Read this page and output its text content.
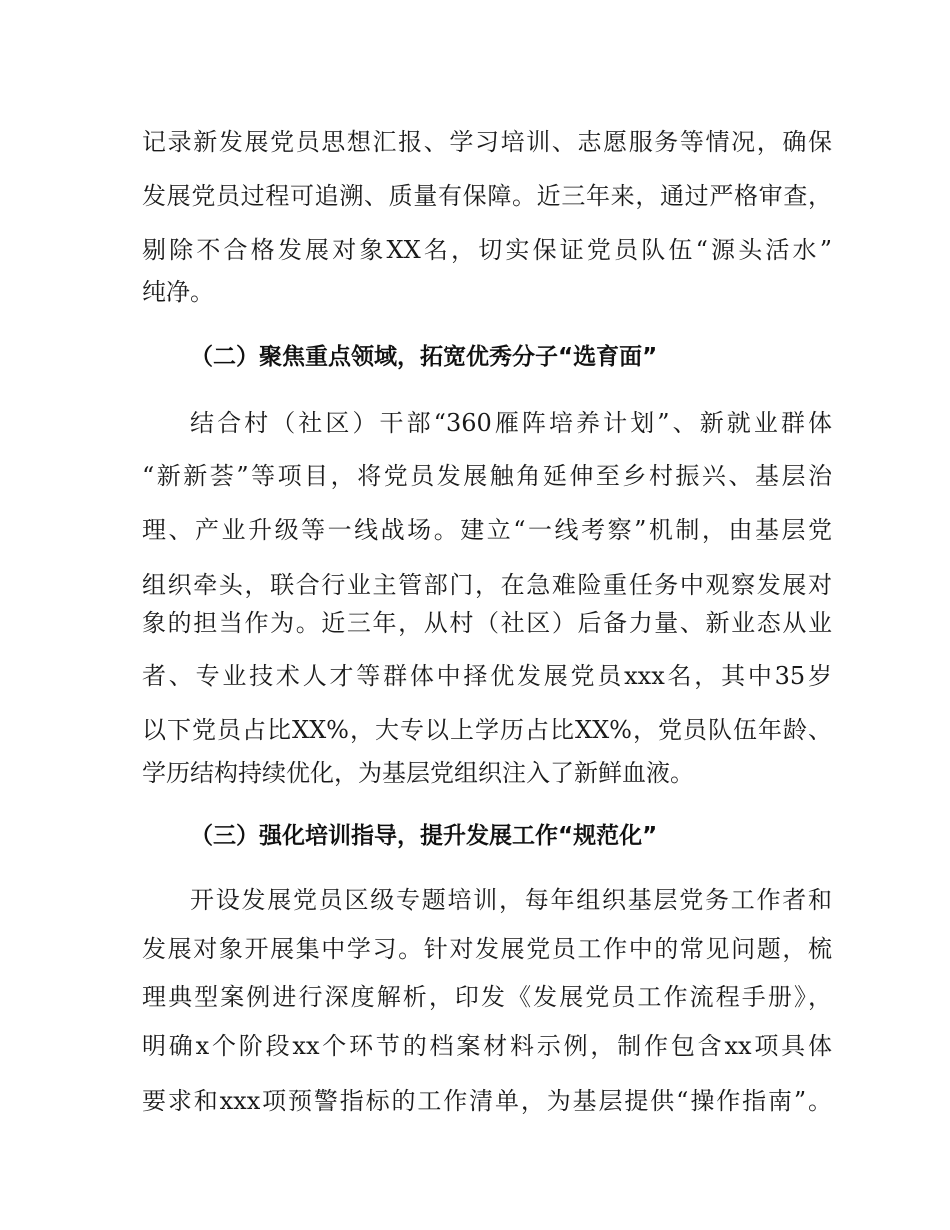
记录新发展党员思想汇报、学习培训、志愿服务等情况，确保
发展党员过程可追溯、质量有保障。近三年来，通过严格审查，
剔除不合格发展对象XX名，切实保证党员队伍“源头活水”
纯净。
（二）聚焦重点领域，拓宽优秀分子“选育面”
结合村（社区）干部“360雁阵培养计划”、新就业群体
“新新荟”等项目，将党员发展触角延伸至乡村振兴、基层治
理、产业升级等一线战场。建立“一线考察”机制，由基层党
组织牵头，联合行业主管部门，在急难险重任务中观察发展对
象的担当作为。近三年，从村（社区）后备力量、新业态从业
者、专业技术人才等群体中择优发展党员xxx名，其中35岁
以下党员占比XX%，大专以上学历占比XX%，党员队伍年龄、
学历结构持续优化，为基层党组织注入了新鲜血液。
（三）强化培训指导，提升发展工作“规范化”
开设发展党员区级专题培训，每年组织基层党务工作者和
发展对象开展集中学习。针对发展党员工作中的常见问题，梳
理典型案例进行深度解析，印发《发展党员工作流程手册》，
明确x个阶段xx个环节的档案材料示例，制作包含xx项具体
要求和xxx项预警指标的工作清单，为基层提供“操作指南”。
